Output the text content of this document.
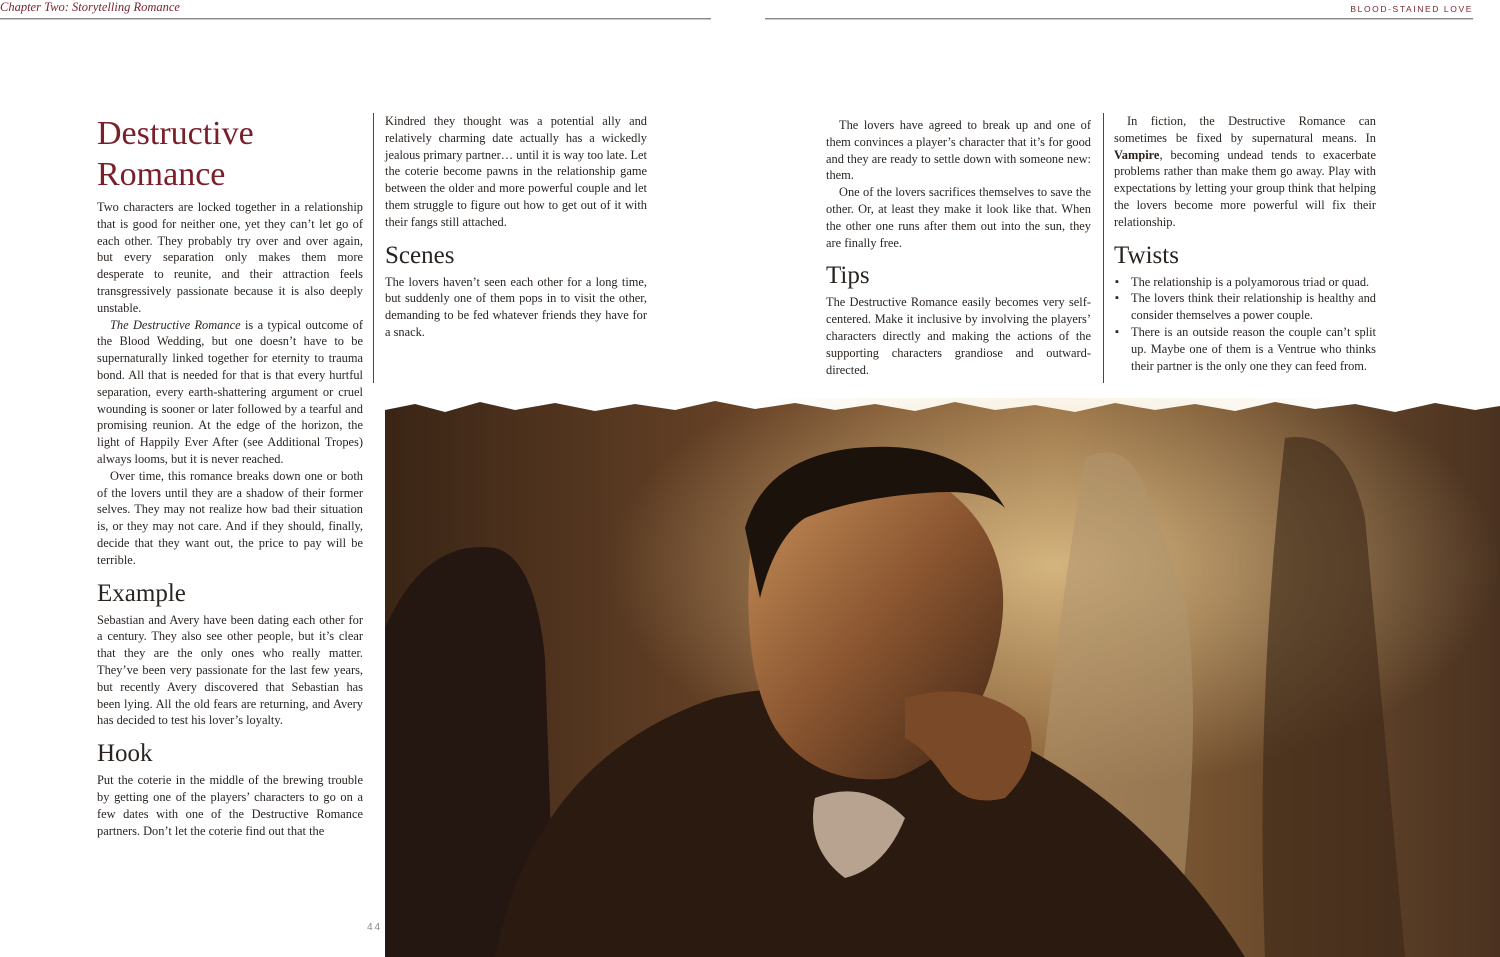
Chapter Two: Storytelling Romance	BLOOD-STAINED LOVE
Destructive
Romance

Two characters are locked together in a relationship that is good for neither one, yet they can’t let go of each other. They probably try over and over again, but every separation only makes them more desperate to reunite, and their attraction feels transgressively passionate because it is also deeply unstable.

The Destructive Romance is a typical outcome of the Blood Wedding, but one doesn’t have to be supernaturally linked together for eternity to trauma bond. All that is needed for that is that every hurtful separation, every earth-shattering argument or cruel wounding is sooner or later followed by a tearful and promising reunion. At the edge of the horizon, the light of Happily Ever After (see Additional Tropes) always looms, but it is never reached.

Over time, this romance breaks down one or both of the lovers until they are a shadow of their former selves. They may not realize how bad their situation is, or they may not care. And if they should, finally, decide that they want out, the price to pay will be terrible.

Example

Sebastian and Avery have been dating each other for a century. They also see other people, but it’s clear that they are the only ones who really matter. They’ve been very passionate for the last few years, but recently Avery discovered that Sebastian has been lying. All the old fears are returning, and Avery has decided to test his lover’s loyalty.

Hook

Put the coterie in the middle of the brewing trouble by getting one of the players’ characters to go on a few dates with one of the Destructive Romance partners. Don’t let the coterie find out that the

Kindred they thought was a potential ally and relatively charming date actually has a wickedly jealous primary partner… until it is way too late. Let the coterie become pawns in the relationship game between the older and more powerful couple and let them struggle to figure out how to get out of it with their fangs still attached.

Scenes

The lovers haven’t seen each other for a long time, but suddenly one of them pops in to visit the other, demanding to be fed whatever friends they have for a snack.

The lovers have agreed to break up and one of them convinces a player’s character that it’s for good and they are ready to settle down with someone new: them.

One of the lovers sacrifices themselves to save the other. Or, at least they make it look like that. When the other one runs after them out into the sun, they are finally free.

Tips

The Destructive Romance easily becomes very self-centered. Make it inclusive by involving the players’ characters directly and making the actions of the supporting characters grandiose and outward-directed.

In fiction, the Destructive Romance can sometimes be fixed by supernatural means. In Vampire, becoming undead tends to exacerbate problems rather than make them go away. Play with expectations by letting your group think that helping the lovers become more powerful will fix their relationship.

Twists
▪ The relationship is a polyamorous triad or quad.
▪ The lovers think their relationship is healthy and consider themselves a power couple.
▪ There is an outside reason the couple can’t split up. Maybe one of them is a Ventrue who thinks their partner is the only one they can feed from.
44
